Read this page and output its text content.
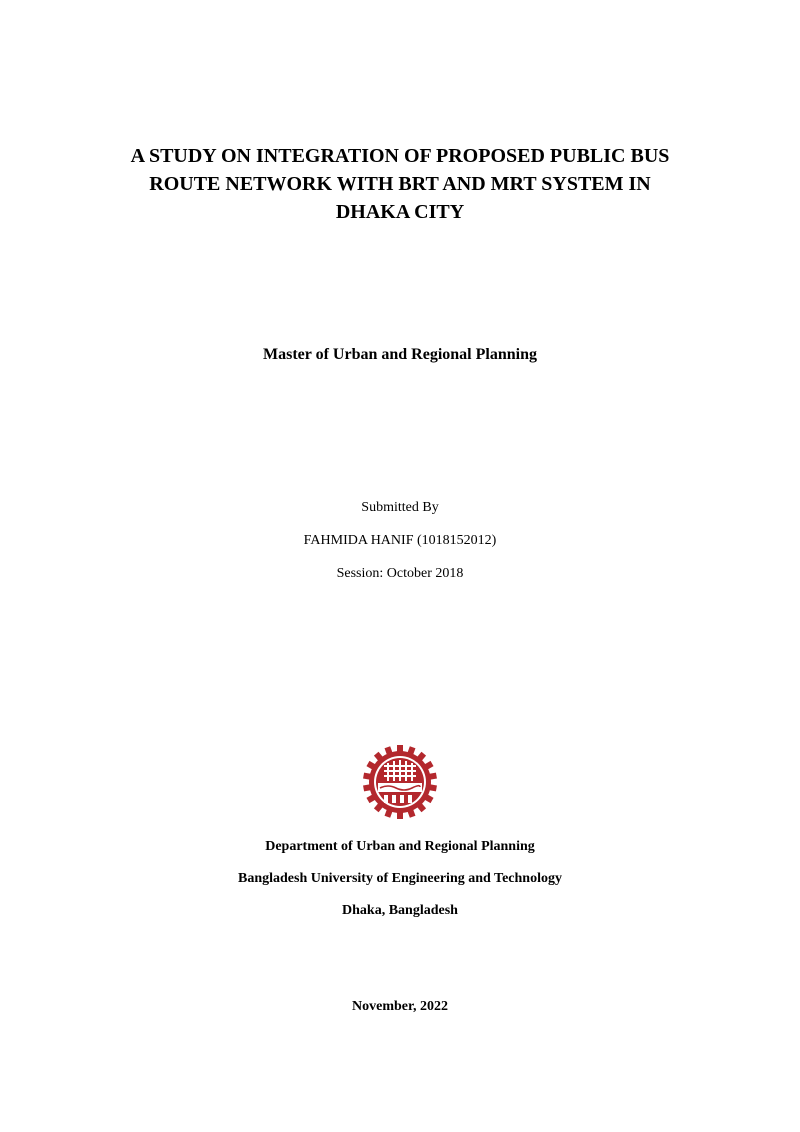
A STUDY ON INTEGRATION OF PROPOSED PUBLIC BUS
ROUTE NETWORK WITH BRT AND MRT SYSTEM IN
DHAKA CITY
Master of Urban and Regional Planning
Submitted By
FAHMIDA HANIF (1018152012)
Session: October 2018
Department of Urban and Regional Planning
Bangladesh University of Engineering and Technology
Dhaka, Bangladesh
November, 2022
